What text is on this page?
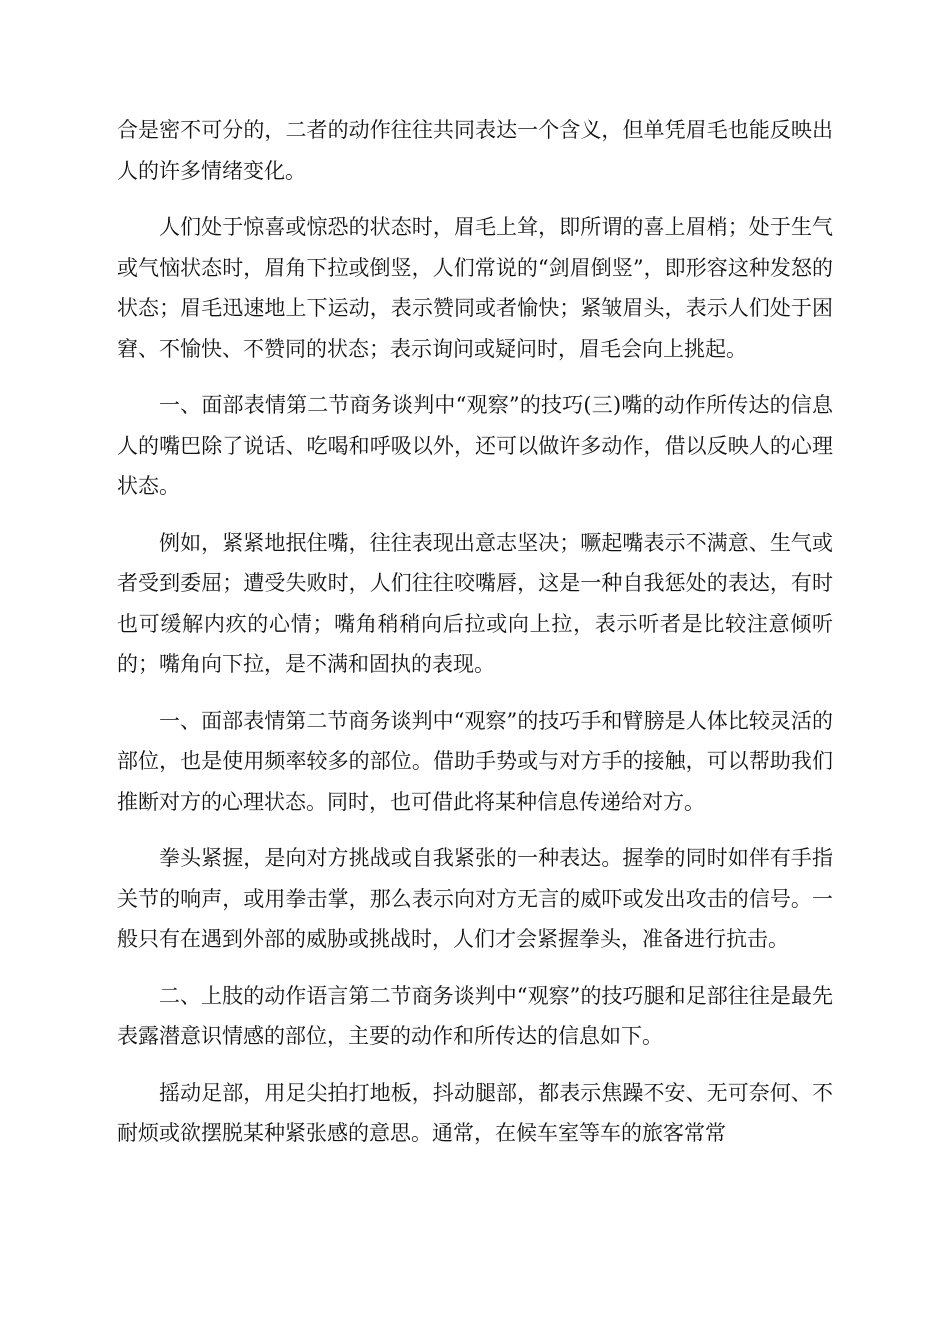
合是密不可分的，二者的动作往往共同表达一个含义，但单凭眉毛也能反映出人的许多情绪变化。

人们处于惊喜或惊恐的状态时，眉毛上耸，即所谓的喜上眉梢；处于生气或气恼状态时，眉角下拉或倒竖，人们常说的“剑眉倒竖”，即形容这种发怒的状态；眉毛迅速地上下运动，表示赞同或者愉快；紧皱眉头，表示人们处于困窘、不愉快、不赞同的状态；表示询问或疑问时，眉毛会向上挑起。

一、面部表情第二节商务谈判中“观察”的技巧(三)嘴的动作所传达的信息人的嘴巴除了说话、吃喝和呼吸以外，还可以做许多动作，借以反映人的心理状态。

例如，紧紧地抿住嘴，往往表现出意志坚决；噘起嘴表示不满意、生气或者受到委屈；遭受失败时，人们往往咬嘴唇，这是一种自我惩处的表达，有时也可缓解内疚的心情；嘴角稍稍向后拉或向上拉，表示听者是比较注意倾听的；嘴角向下拉，是不满和固执的表现。

一、面部表情第二节商务谈判中“观察”的技巧手和臂膀是人体比较灵活的部位，也是使用频率较多的部位。借助手势或与对方手的接触，可以帮助我们推断对方的心理状态。同时，也可借此将某种信息传递给对方。

拳头紧握，是向对方挑战或自我紧张的一种表达。握拳的同时如伴有手指关节的响声，或用拳击掌，那么表示向对方无言的威吓或发出攻击的信号。一般只有在遇到外部的威胁或挑战时，人们才会紧握拳头，准备进行抗击。

二、上肢的动作语言第二节商务谈判中“观察”的技巧腿和足部往往是最先表露潜意识情感的部位，主要的动作和所传达的信息如下。

摇动足部，用足尖拍打地板，抖动腿部，都表示焦躁不安、无可奈何、不耐烦或欲摆脱某种紧张感的意思。通常，在候车室等车的旅客常常
